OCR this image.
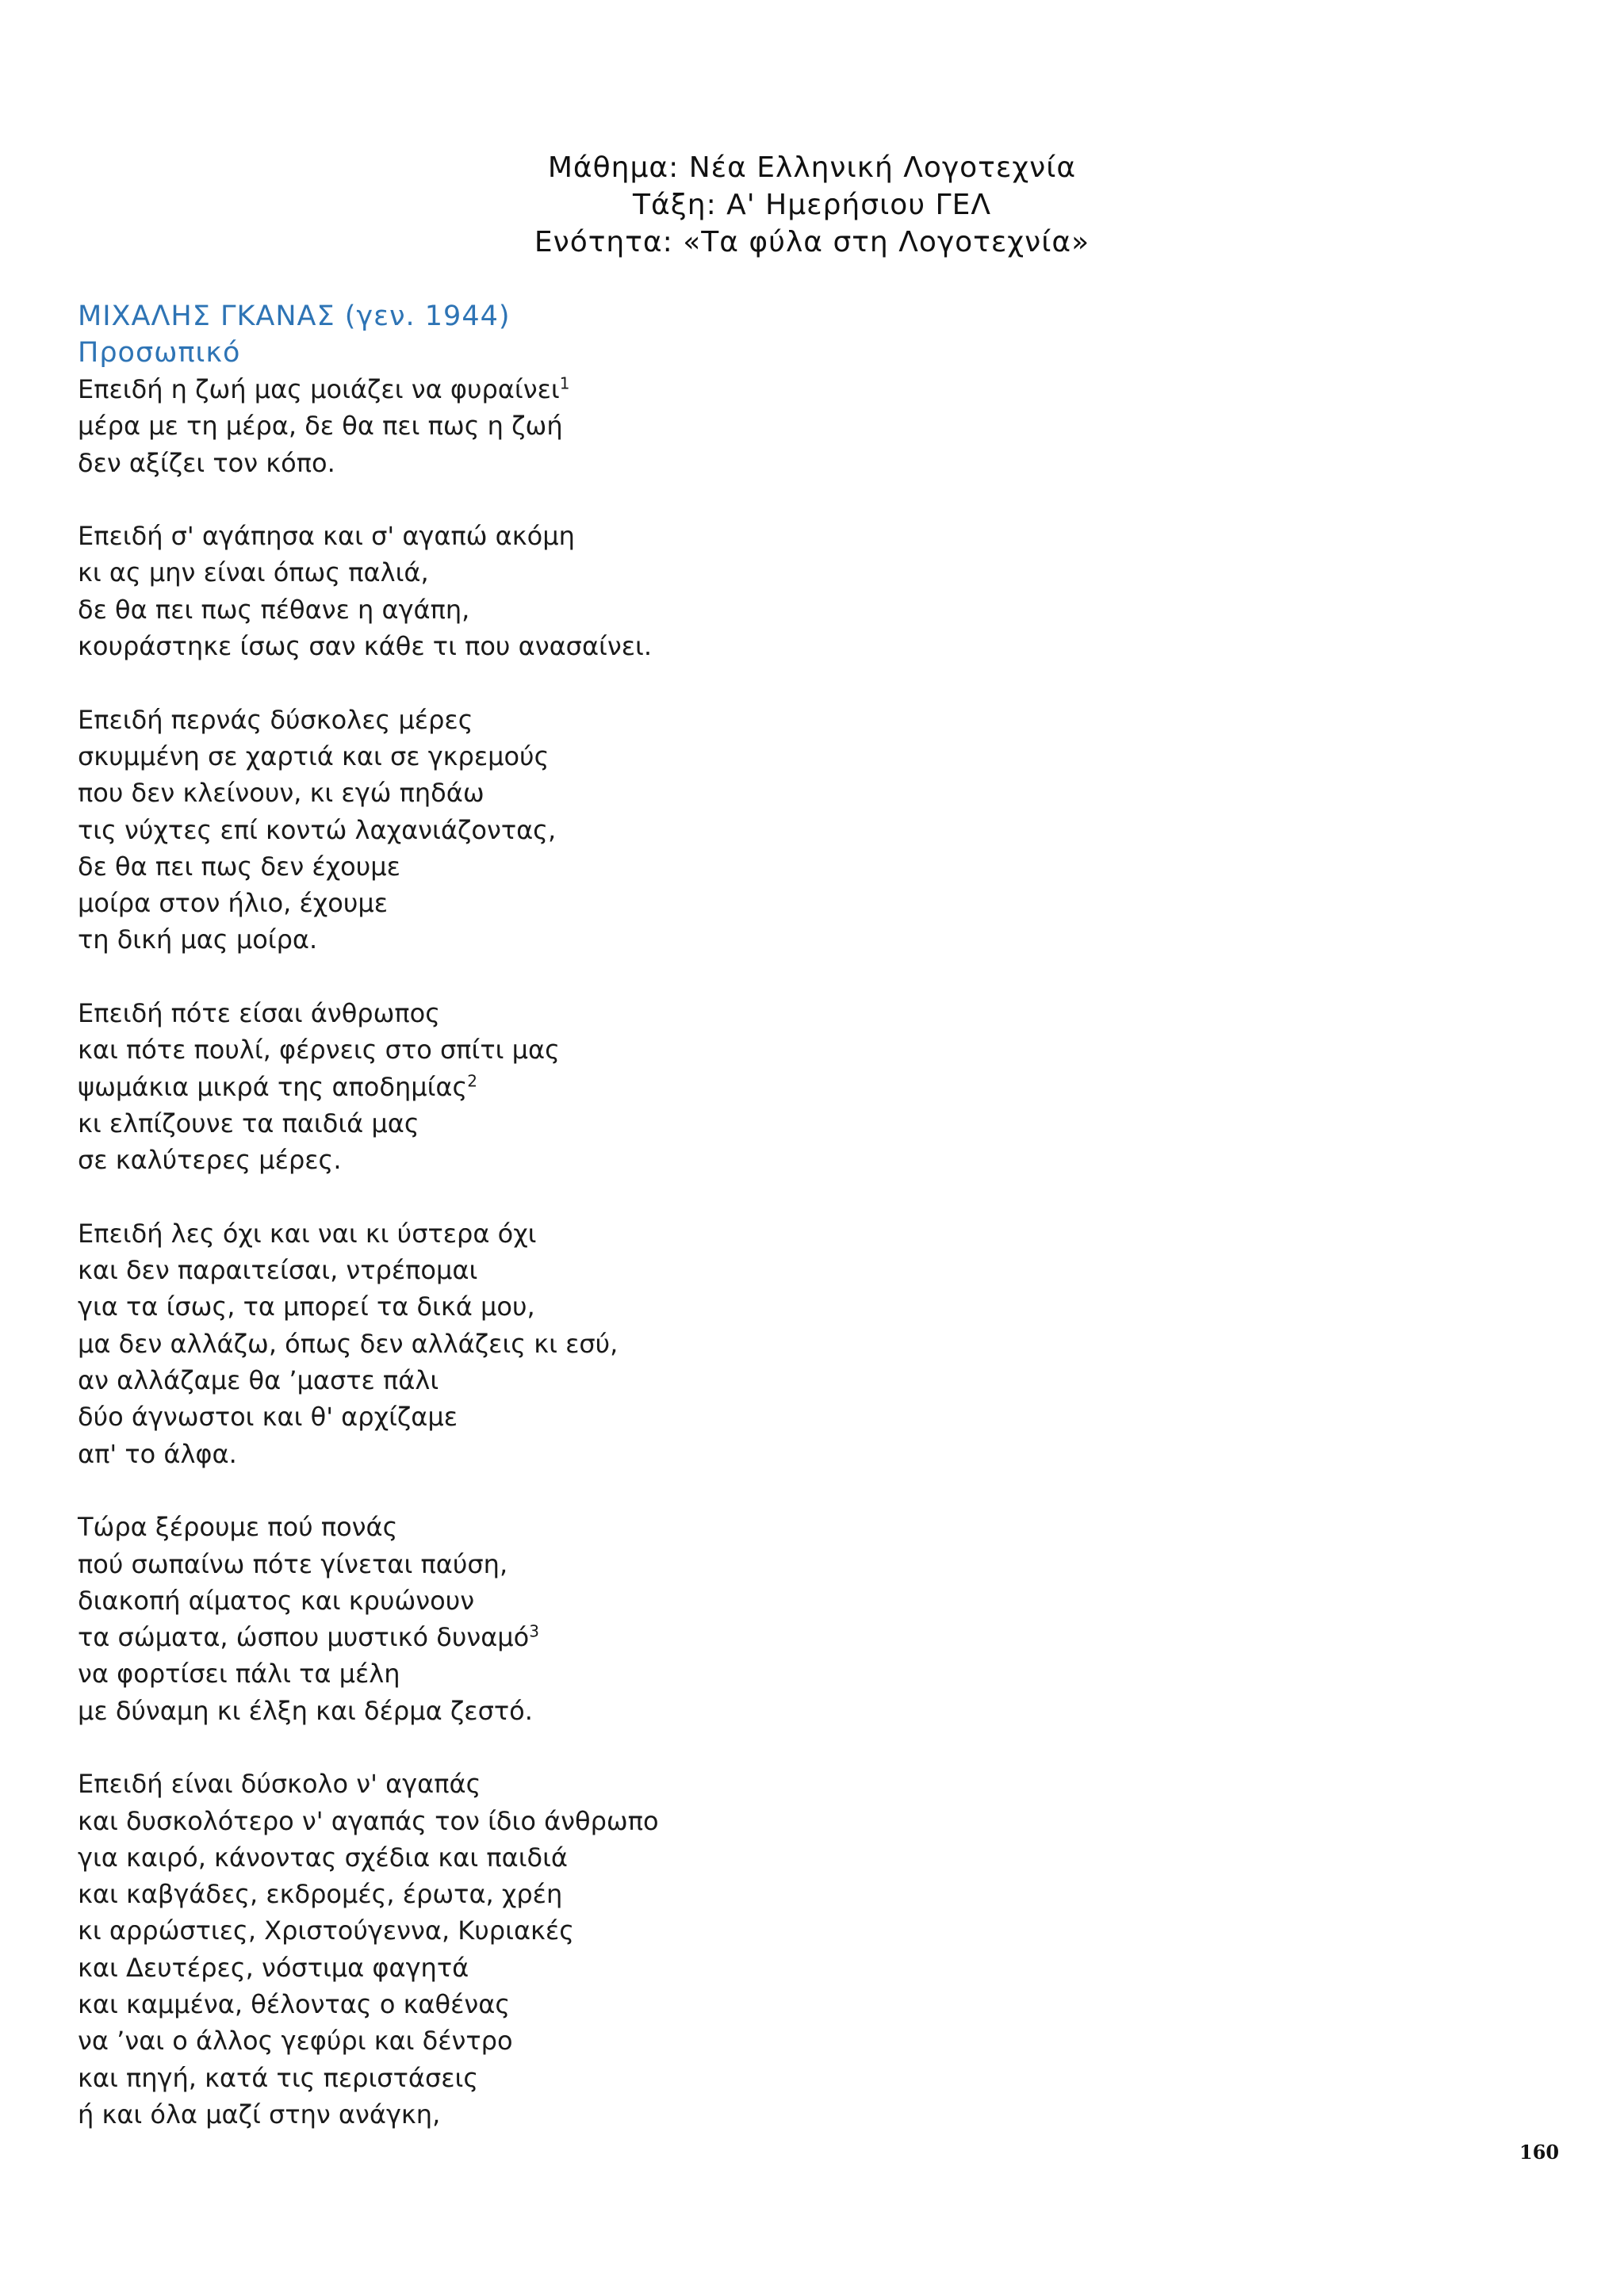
Μάθημα: Νέα Ελληνική Λογοτεχνία
Τάξη: Α' Ημερήσιου ΓΕΛ
Ενότητα: «Τα φύλα στη Λογοτεχνία»
ΜΙΧΑΛΗΣ ΓΚΑΝΑΣ (γεν. 1944)
Προσωπικό
Επειδή η ζωή μας μοιάζει να φυραίνει$^1$
μέρα με τη μέρα, δε θα πει πως η ζωή
δεν αξίζει τον κόπο.
Επειδή σ' αγάπησα και σ' αγαπώ ακόμη
κι ας μην είναι όπως παλιά,
δε θα πει πως πέθανε η αγάπη,
κουράστηκε ίσως σαν κάθε τι που ανασαίνει.
Επειδή περνάς δύσκολες μέρες
σκυμμένη σε χαρτιά και σε γκρεμούς
που δεν κλείνουν, κι εγώ πηδάω
τις νύχτες επί κοντώ λαχανιάζοντας,
δε θα πει πως δεν έχουμε
μοίρα στον ήλιο, έχουμε
τη δική μας μοίρα.
Επειδή πότε είσαι άνθρωπος
και πότε πουλί, φέρνεις στο σπίτι μας
ψωμάκια μικρά της αποδημίας$^2$
κι ελπίζουνε τα παιδιά μας
σε καλύτερες μέρες.
Επειδή λες όχι και ναι κι ύστερα όχι
και δεν παραιτείσαι, ντρέπομαι
για τα ίσως, τα μπορεί τα δικά μου,
μα δεν αλλάζω, όπως δεν αλλάζεις κι εσύ,
αν αλλάζαμε θα ’μαστε πάλι
δύο άγνωστοι και θ' αρχίζαμε
απ' το άλφα.
Τώρα ξέρουμε πού πονάς
πού σωπαίνω πότε γίνεται παύση,
διακοπή αίματος και κρυώνουν
τα σώματα, ώσπου μυστικό δυναμό$^3$
να φορτίσει πάλι τα μέλη
με δύναμη κι έλξη και δέρμα ζεστό.
Επειδή είναι δύσκολο ν' αγαπάς
και δυσκολότερο ν' αγαπάς τον ίδιο άνθρωπο
για καιρό, κάνοντας σχέδια και παιδιά
και καβγάδες, εκδρομές, έρωτα, χρέη
κι αρρώστιες, Χριστούγεννα, Κυριακές
και Δευτέρες, νόστιμα φαγητά
και καμμένα, θέλοντας ο καθένας
να ’ναι ο άλλος γεφύρι και δέντρο
και πηγή, κατά τις περιστάσεις
ή και όλα μαζί στην ανάγκη,
160
